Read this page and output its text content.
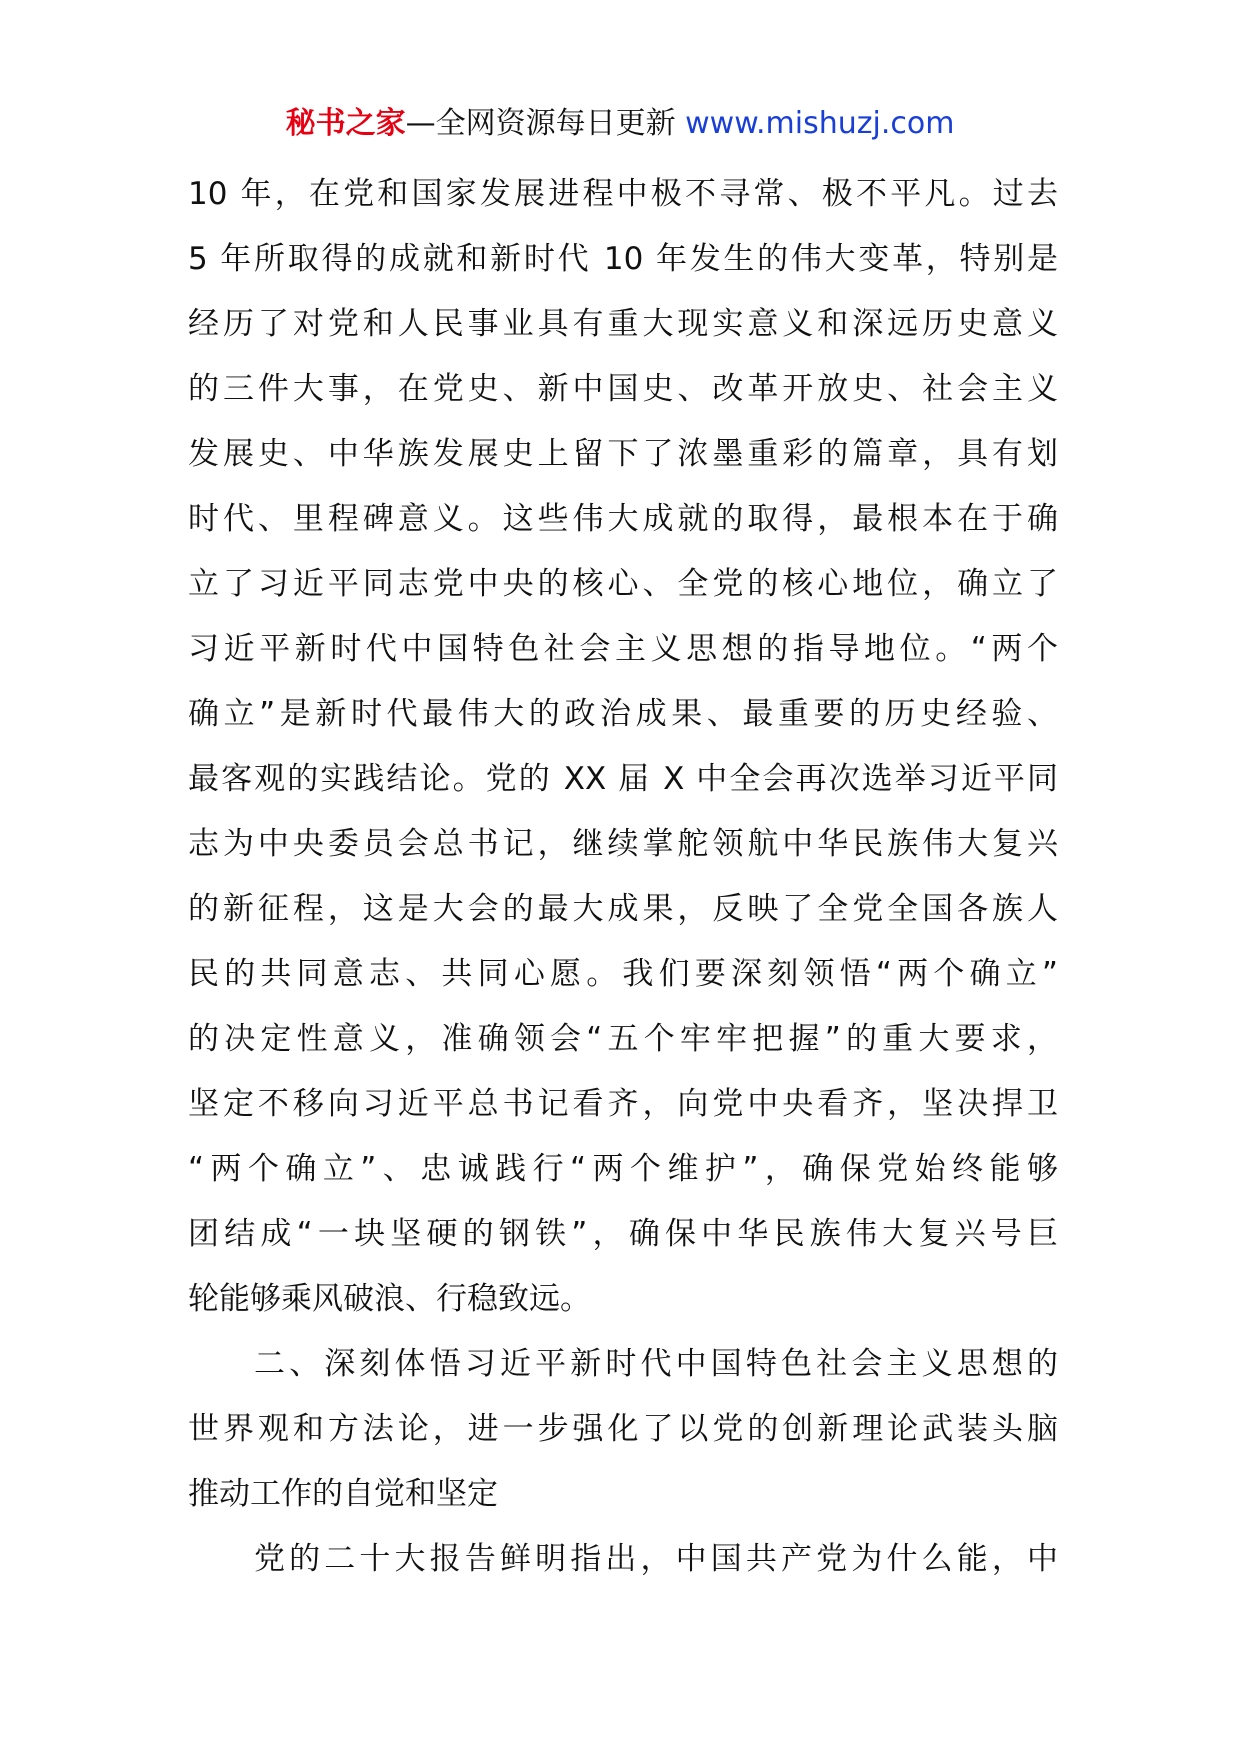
秘书之家—全网资源每日更新 www.mishuzj.com
10 年，在党和国家发展进程中极不寻常、极不平凡。过去
5 年所取得的成就和新时代 10 年发生的伟大变革，特别是
经历了对党和人民事业具有重大现实意义和深远历史意义
的三件大事，在党史、新中国史、改革开放史、社会主义
发展史、中华族发展史上留下了浓墨重彩的篇章，具有划
时代、里程碑意义。这些伟大成就的取得，最根本在于确
立了习近平同志党中央的核心、全党的核心地位，确立了
习近平新时代中国特色社会主义思想的指导地位。“两个
确立”是新时代最伟大的政治成果、最重要的历史经验、
最客观的实践结论。党的 XX 届 X 中全会再次选举习近平同
志为中央委员会总书记，继续掌舵领航中华民族伟大复兴
的新征程，这是大会的最大成果，反映了全党全国各族人
民的共同意志、共同心愿。我们要深刻领悟“两个确立”
的决定性意义，准确领会“五个牢牢把握”的重大要求，
坚定不移向习近平总书记看齐，向党中央看齐，坚决捍卫
“两个确立”、忠诚践行“两个维护”，确保党始终能够
团结成“一块坚硬的钢铁”，确保中华民族伟大复兴号巨
轮能够乘风破浪、行稳致远。
二、深刻体悟习近平新时代中国特色社会主义思想的
世界观和方法论，进一步强化了以党的创新理论武装头脑
推动工作的自觉和坚定
党的二十大报告鲜明指出，中国共产党为什么能，中
